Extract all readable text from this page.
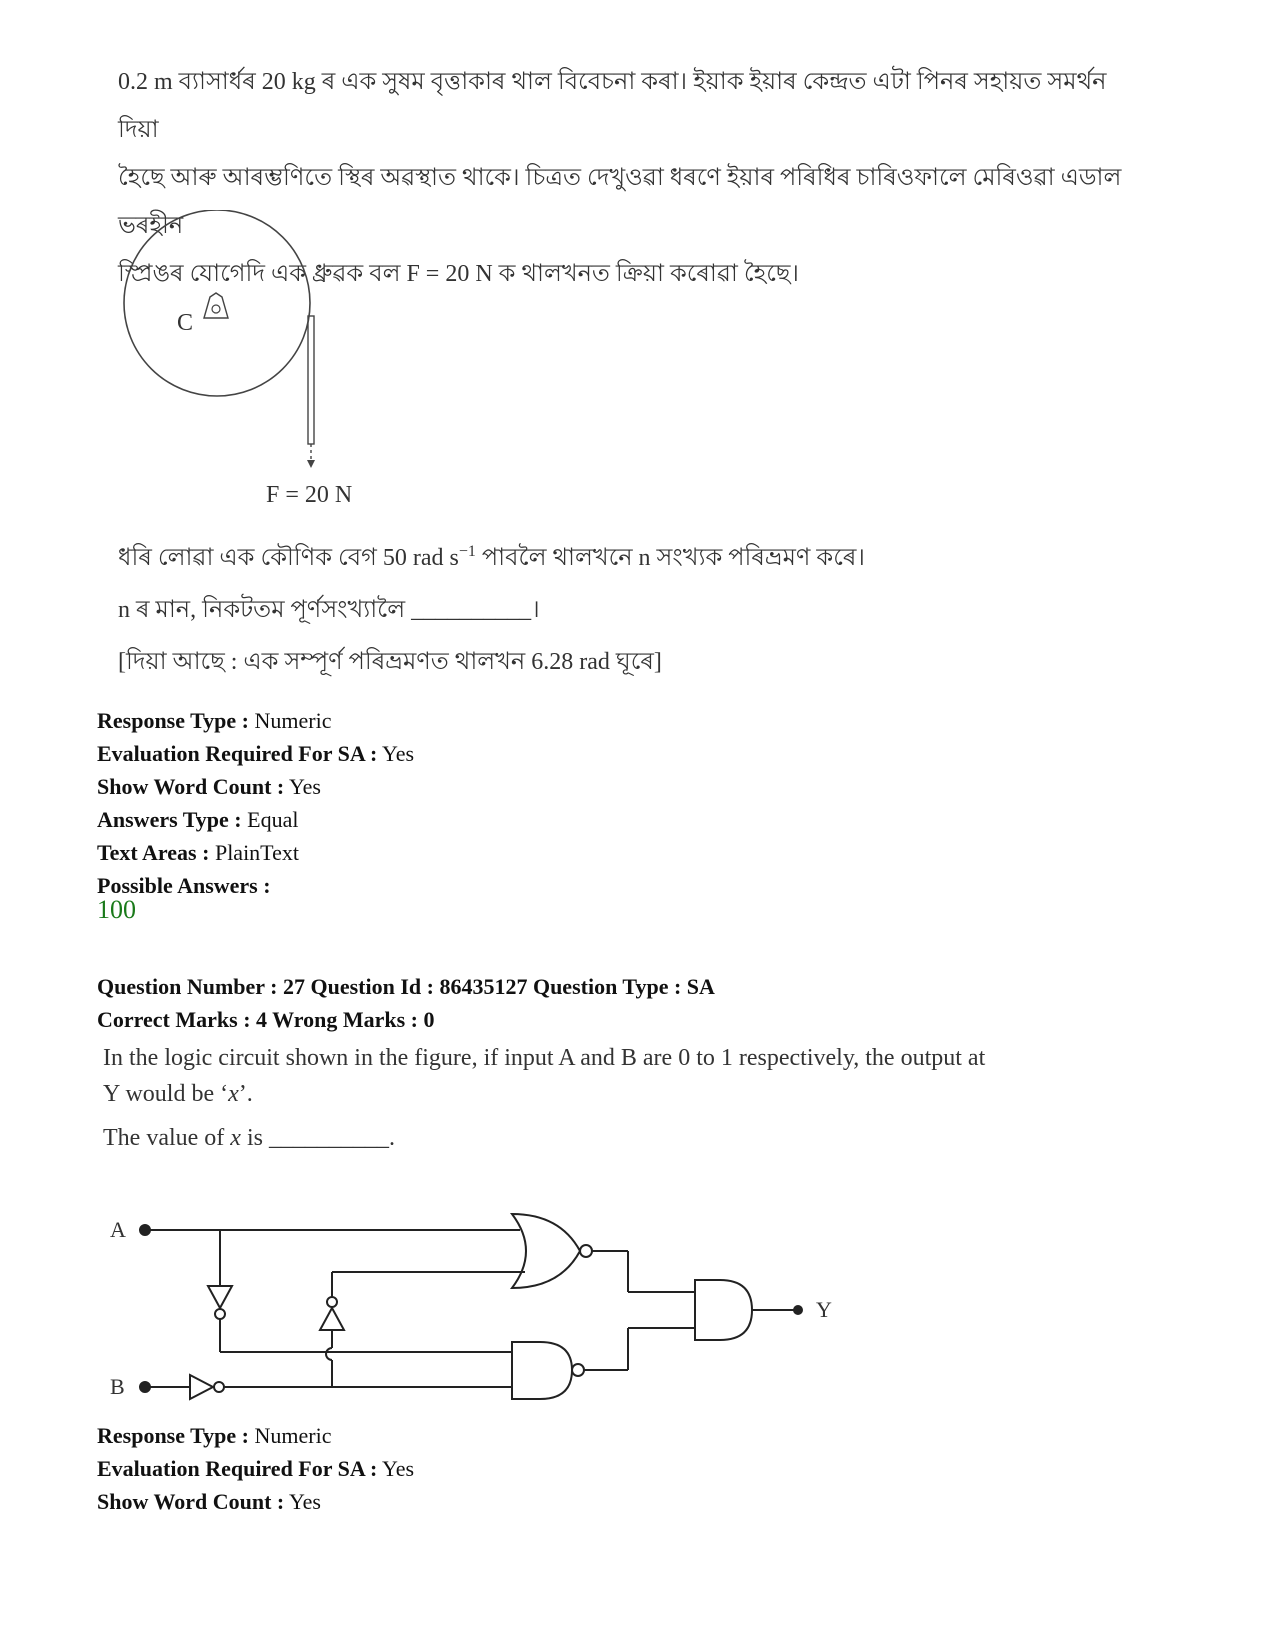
0.2 m ব্যাসাৰ্ধৰ 20 kg ৰ এক সুষম বৃত্তাকাৰ থাল বিবেচনা কৰা। ইয়াক ইয়াৰ কেন্দ্ৰত এটা পিনৰ সহায়ত সমৰ্থন দিয়া
হৈছে আৰু আৰম্ভণিতে স্থিৰ অৱস্থাত থাকে। চিত্ৰত দেখুওৱা ধৰণে ইয়াৰ পৰিধিৰ চাৰিওফালে মেৰিওৱা এডাল ভৰহীন
স্প্ৰিঙৰ যোগেদি এক ধ্ৰুৱক বল F = 20 N ক থালখনত ক্ৰিয়া কৰোৱা হৈছে।
C
F = 20 N
ধৰি লোৱা এক কৌণিক বেগ 50 rad $s^{-1}$ পাবলৈ থালখনে n সংখ্যক পৰিভ্ৰমণ কৰে।
n ৰ মান, নিকটতম পূৰ্ণসংখ্যালৈ __________।
[দিয়া আছে : এক সম্পূৰ্ণ পৰিভ্ৰমণত থালখন 6.28 rad ঘূৰে]
Response Type : Numeric
Evaluation Required For SA : Yes
Show Word Count : Yes
Answers Type : Equal
Text Areas : PlainText
Possible Answers :
100
Question Number : 27 Question Id : 86435127 Question Type : SA
Correct Marks : 4 Wrong Marks : 0
In the logic circuit shown in the figure, if input A and B are 0 to 1 respectively, the output at
Y would be ‘x’.
The value of x is __________.
A
B
Y
Response Type : Numeric
Evaluation Required For SA : Yes
Show Word Count : Yes
